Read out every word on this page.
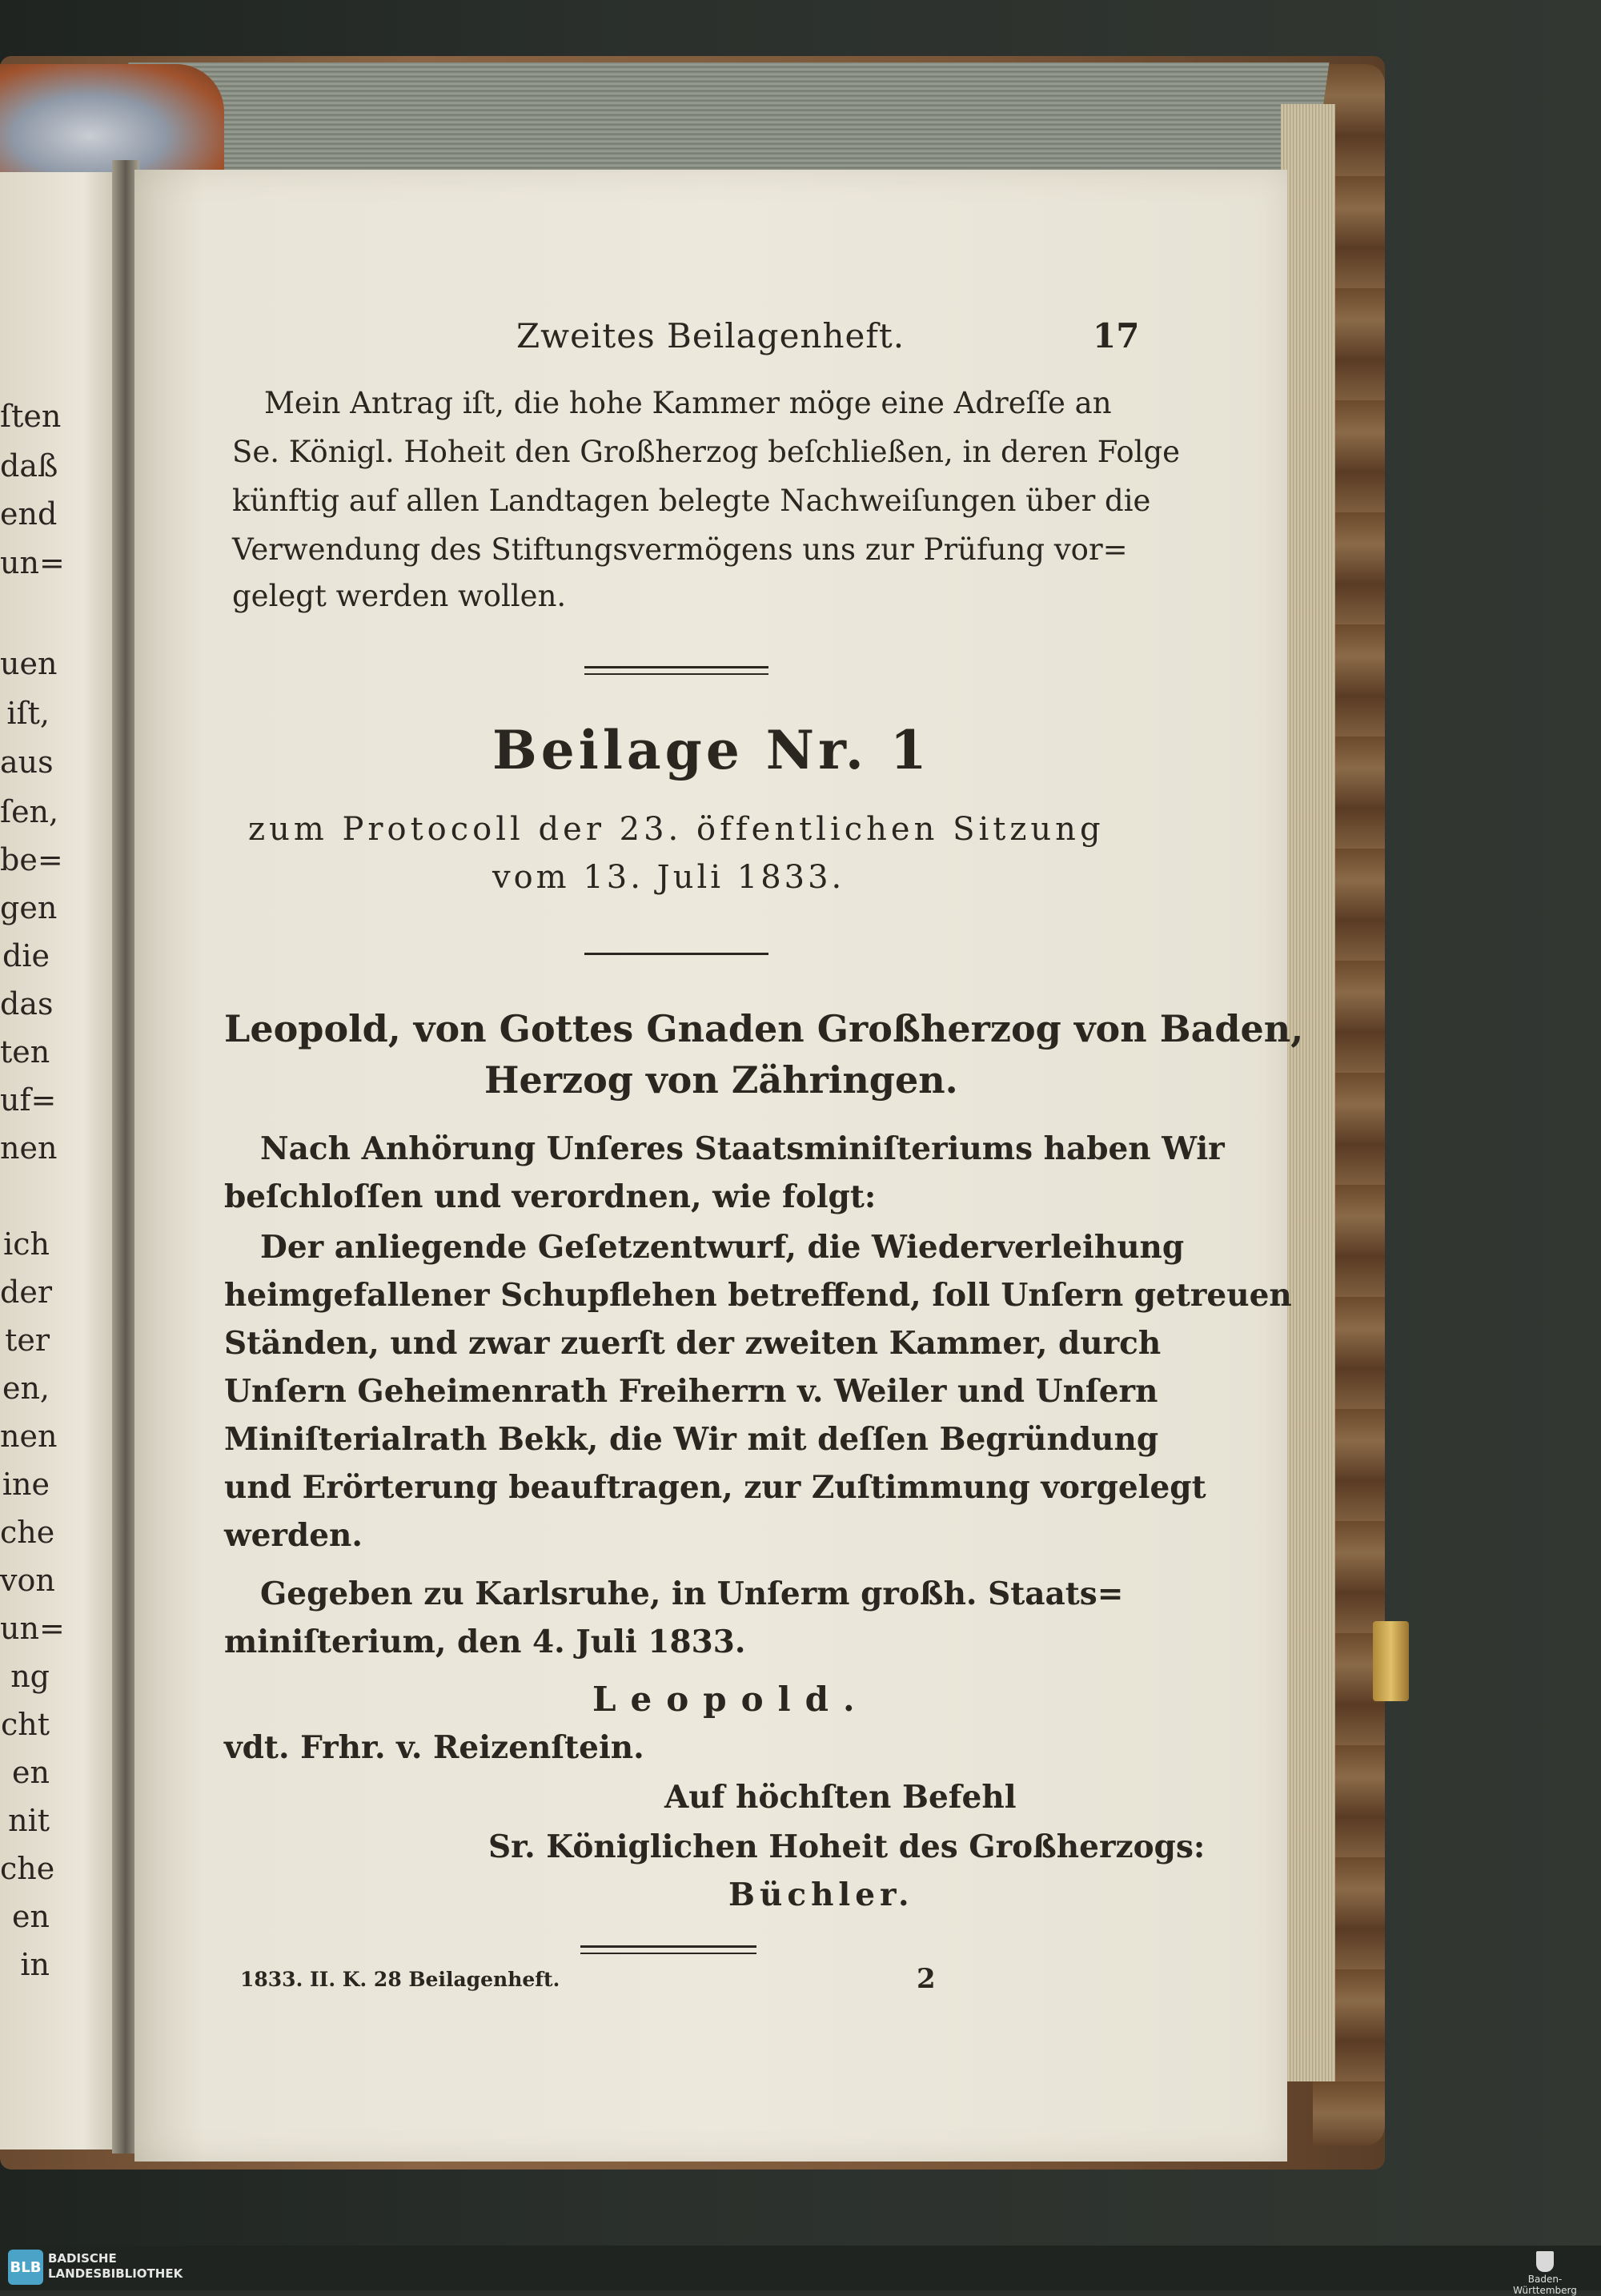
ſten
daß
end
un=
uen
iſt,
aus
ſen,
be=
gen
die
das
ten
uf=
nen
ich
der
ter
en,
nen
ine
che
von
un=
ng
cht
en
nit
che
en
in
Zweites Beilagenheft.	17
Mein Antrag iſt, die hohe Kammer möge eine Adreſſe an
Se. Königl. Hoheit den Großherzog beſchließen, in deren Folge
künftig auf allen Landtagen belegte Nachweiſungen über die
Verwendung des Stiftungsvermögens uns zur Prüfung vor=
gelegt werden wollen.
Beilage Nr. 1
zum Protocoll der 23. öffentlichen Sitzung
vom 13. Juli 1833.
Leopold, von Gottes Gnaden Großherzog von Baden,
Herzog von Zähringen.
Nach Anhörung Unſeres Staatsminiſteriums haben Wir
beſchloſſen und verordnen, wie folgt:
Der anliegende Geſetzentwurf, die Wiederverleihung
heimgefallener Schupflehen betreffend, ſoll Unſern getreuen
Ständen, und zwar zuerſt der zweiten Kammer, durch
Unſern Geheimenrath Freiherrn v. Weiler und Unſern
Miniſterialrath Bekk, die Wir mit deſſen Begründung
und Erörterung beauftragen, zur Zuſtimmung vorgelegt
werden.
Gegeben zu Karlsruhe, in Unſerm großh. Staats=
miniſterium, den 4. Juli 1833.
Leopold.
vdt. Frhr. v. Reizenſtein.
Auf höchſten Befehl
Sr. Königlichen Hoheit des Großherzogs:
Büchler.
1833. II. K. 28 Beilagenheft.	2
BLB
BADISCHE
LANDESBIBLIOTHEK	Baden-Württemberg
